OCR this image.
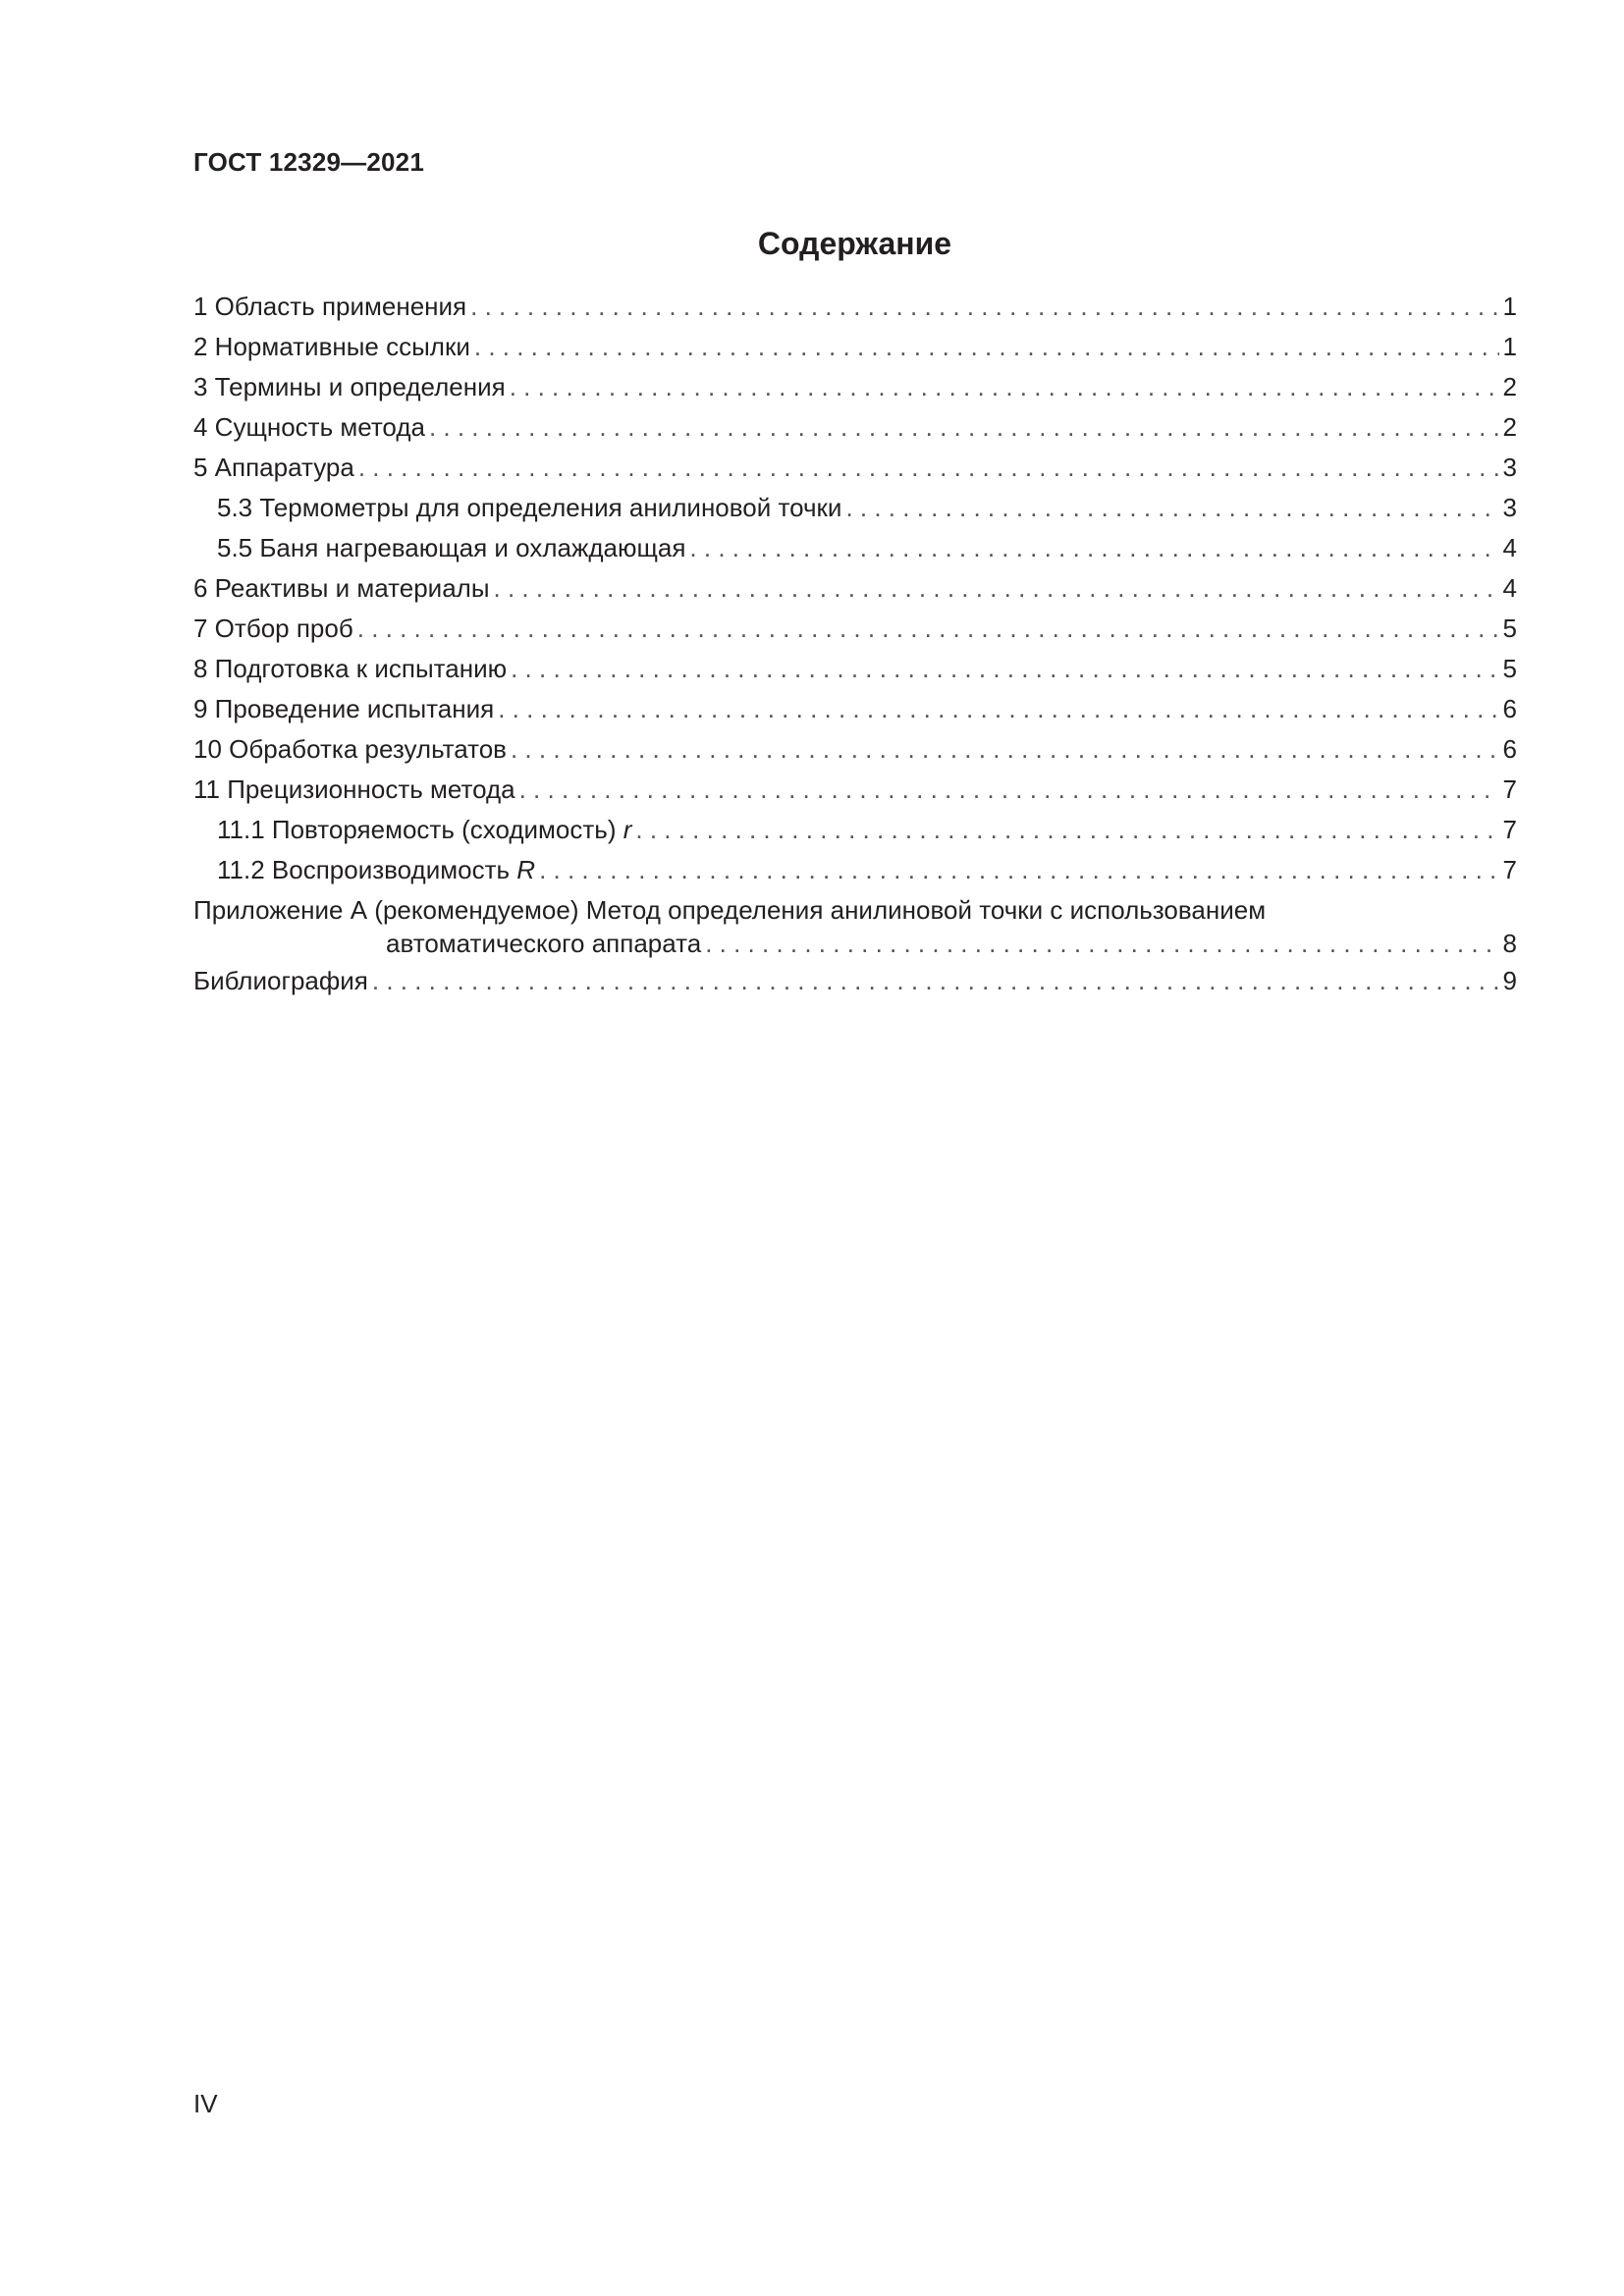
ГОСТ 12329—2021
Содержание
1 Область применения . . .	1
2 Нормативные ссылки . . .	1
3 Термины и определения . . .	2
4 Сущность метода . . .	2
5 Аппаратура . . .	3
5.3 Термометры для определения анилиновой точки . . .	3
5.5 Баня нагревающая и охлаждающая . . .	4
6 Реактивы и материалы . . .	4
7 Отбор проб . . .	5
8 Подготовка к испытанию . . .	5
9 Проведение испытания . . .	6
10 Обработка результатов . . .	6
11 Прецизионность метода . . .	7
11.1 Повторяемость (сходимость) r . . .	7
11.2 Воспроизводимость R . . .	7
Приложение А (рекомендуемое) Метод определения анилиновой точки с использованием
автоматического аппарата . . .	8
Библиография . . .	9
IV
